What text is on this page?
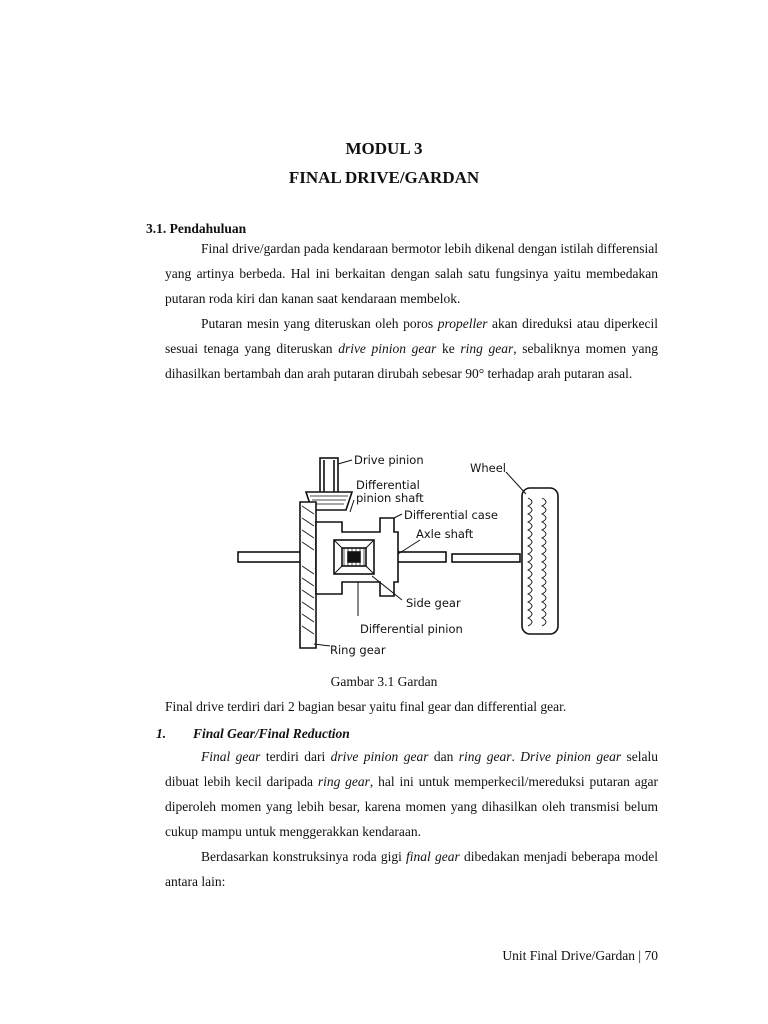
MODUL 3
FINAL DRIVE/GARDAN
3.1. Pendahuluan

Final drive/gardan pada kendaraan bermotor lebih dikenal dengan istilah differensial yang artinya berbeda. Hal ini berkaitan dengan salah satu fungsinya yaitu membedakan putaran roda kiri dan kanan saat kendaraan membelok.

Putaran mesin yang diteruskan oleh poros propeller akan direduksi atau diperkecil sesuai tenaga yang diteruskan drive pinion gear ke ring gear, sebaliknya momen yang dihasilkan bertambah dan arah putaran dirubah sebesar 90° terhadap arah putaran asal.

Drive pinion
Wheel
Differential
pinion shaft
Differential case
Axle shaft
Side gear
Differential pinion
Ring gear
Gambar 3.1 Gardan
Final drive terdiri dari 2 bagian besar yaitu final gear dan differential gear.
1. Final Gear/Final Reduction

Final gear terdiri dari drive pinion gear dan ring gear. Drive pinion gear selalu dibuat lebih kecil daripada ring gear, hal ini untuk memperkecil/mereduksi putaran agar diperoleh momen yang lebih besar, karena momen yang dihasilkan oleh transmisi belum cukup mampu untuk menggerakkan kendaraan.

Berdasarkan konstruksinya roda gigi final gear dibedakan menjadi beberapa model antara lain:

Unit Final Drive/Gardan | 70
